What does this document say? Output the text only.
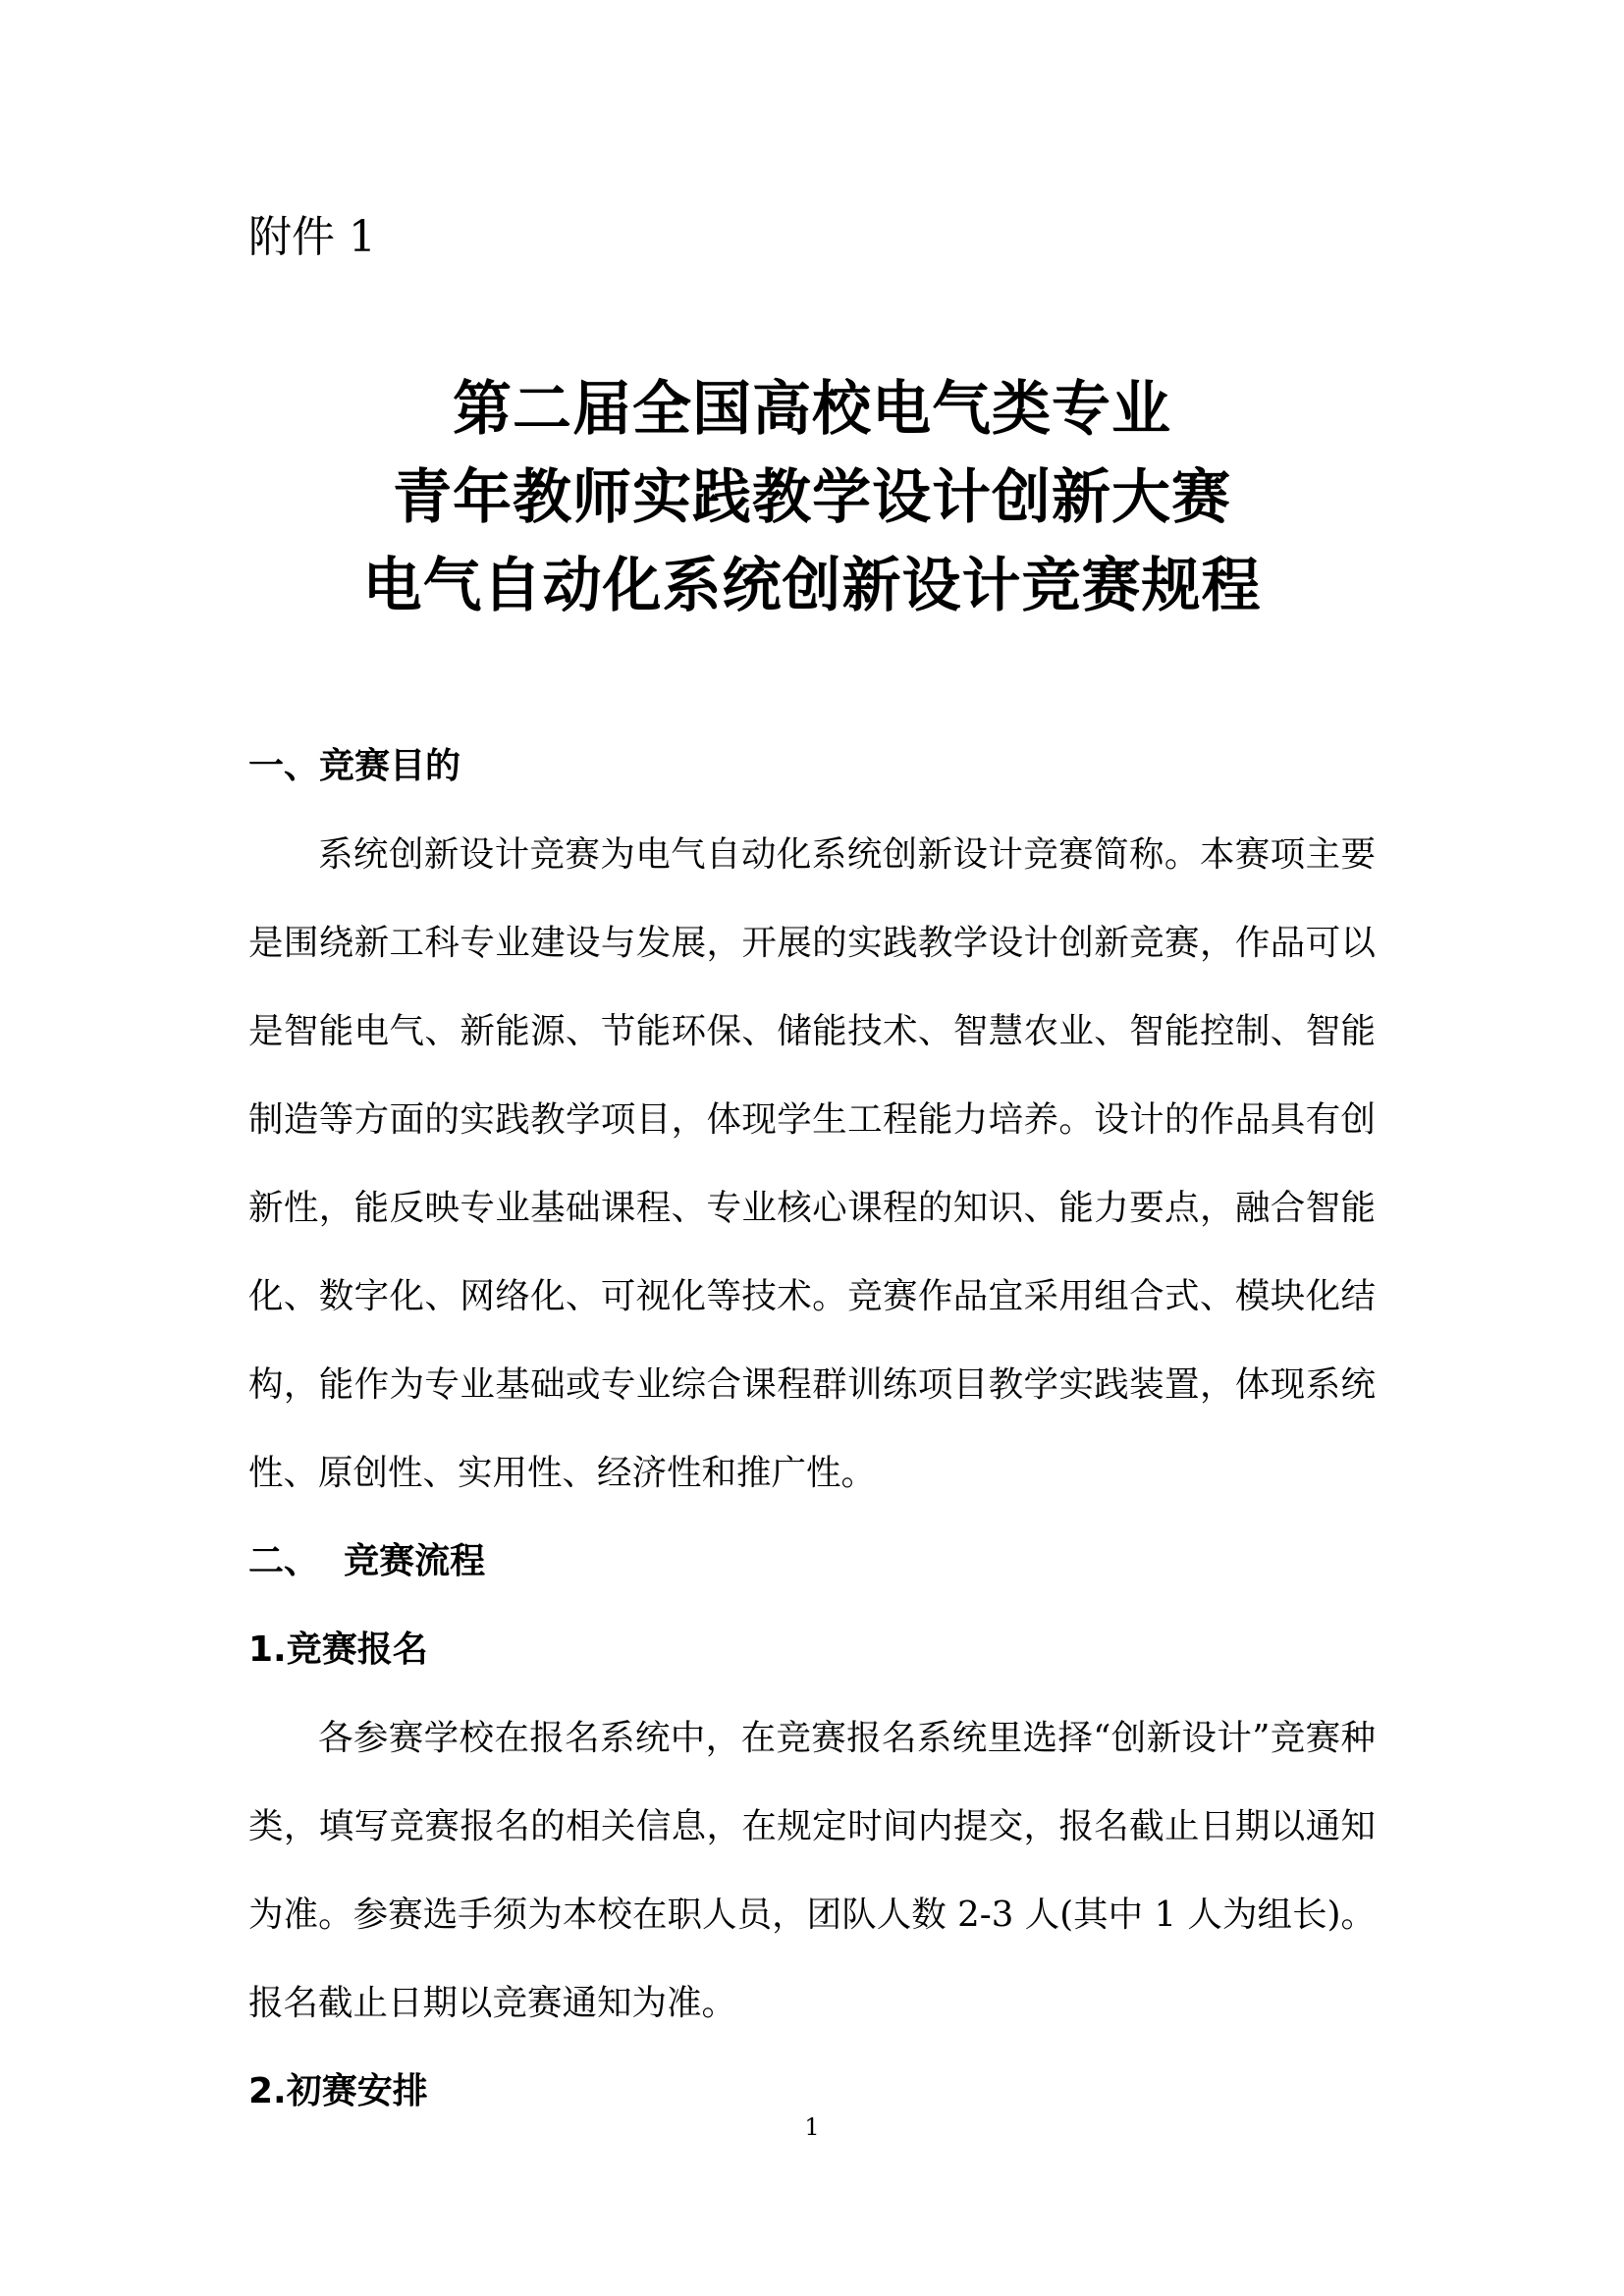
附件 1

第二届全国高校电气类专业
青年教师实践教学设计创新大赛
电气自动化系统创新设计竞赛规程

一、竞赛目的

系统创新设计竞赛为电气自动化系统创新设计竞赛简称。本赛项主要是围绕新工科专业建设与发展，开展的实践教学设计创新竞赛，作品可以是智能电气、新能源、节能环保、储能技术、智慧农业、智能控制、智能制造等方面的实践教学项目，体现学生工程能力培养。设计的作品具有创新性，能反映专业基础课程、专业核心课程的知识、能力要点，融合智能化、数字化、网络化、可视化等技术。竞赛作品宜采用组合式、模块化结构，能作为专业基础或专业综合课程群训练项目教学实践装置，体现系统性、原创性、实用性、经济性和推广性。

二、  竞赛流程

1.竞赛报名

各参赛学校在报名系统中，在竞赛报名系统里选择“创新设计”竞赛种类，填写竞赛报名的相关信息，在规定时间内提交，报名截止日期以通知为准。参赛选手须为本校在职人员，团队人数 2-3 人(其中 1 人为组长)。报名截止日期以竞赛通知为准。

2.初赛安排

1
